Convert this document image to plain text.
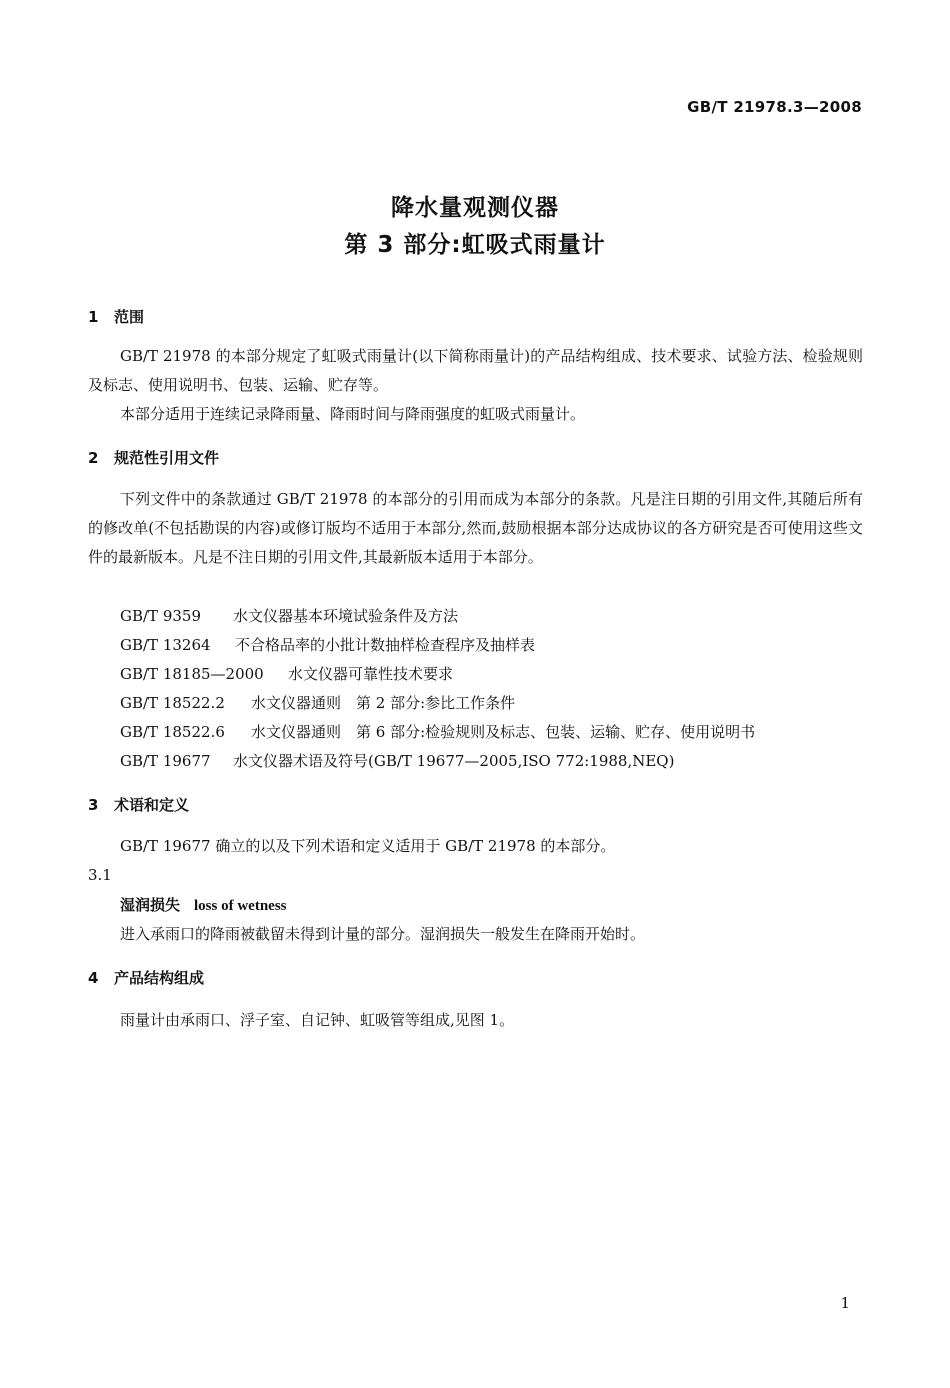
GB/T 21978.3—2008
降水量观测仪器
第 3 部分:虹吸式雨量计
1 范围
GB/T 21978 的本部分规定了虹吸式雨量计(以下简称雨量计)的产品结构组成、技术要求、试验方法、检验规则及标志、使用说明书、包装、运输、贮存等。
本部分适用于连续记录降雨量、降雨时间与降雨强度的虹吸式雨量计。
2 规范性引用文件
下列文件中的条款通过 GB/T 21978 的本部分的引用而成为本部分的条款。凡是注日期的引用文件,其随后所有的修改单(不包括勘误的内容)或修订版均不适用于本部分,然而,鼓励根据本部分达成协议的各方研究是否可使用这些文件的最新版本。凡是不注日期的引用文件,其最新版本适用于本部分。
GB/T 9359 水文仪器基本环境试验条件及方法
GB/T 13264 不合格品率的小批计数抽样检查程序及抽样表
GB/T 18185—2000 水文仪器可靠性技术要求
GB/T 18522.2 水文仪器通则　第 2 部分:参比工作条件
GB/T 18522.6 水文仪器通则　第 6 部分:检验规则及标志、包装、运输、贮存、使用说明书
GB/T 19677 水文仪器术语及符号(GB/T 19677—2005,ISO 772:1988,NEQ)
3 术语和定义
GB/T 19677 确立的以及下列术语和定义适用于 GB/T 21978 的本部分。
3.1
湿润损失 loss of wetness
进入承雨口的降雨被截留未得到计量的部分。湿润损失一般发生在降雨开始时。
4 产品结构组成
雨量计由承雨口、浮子室、自记钟、虹吸管等组成,见图 1。
1
